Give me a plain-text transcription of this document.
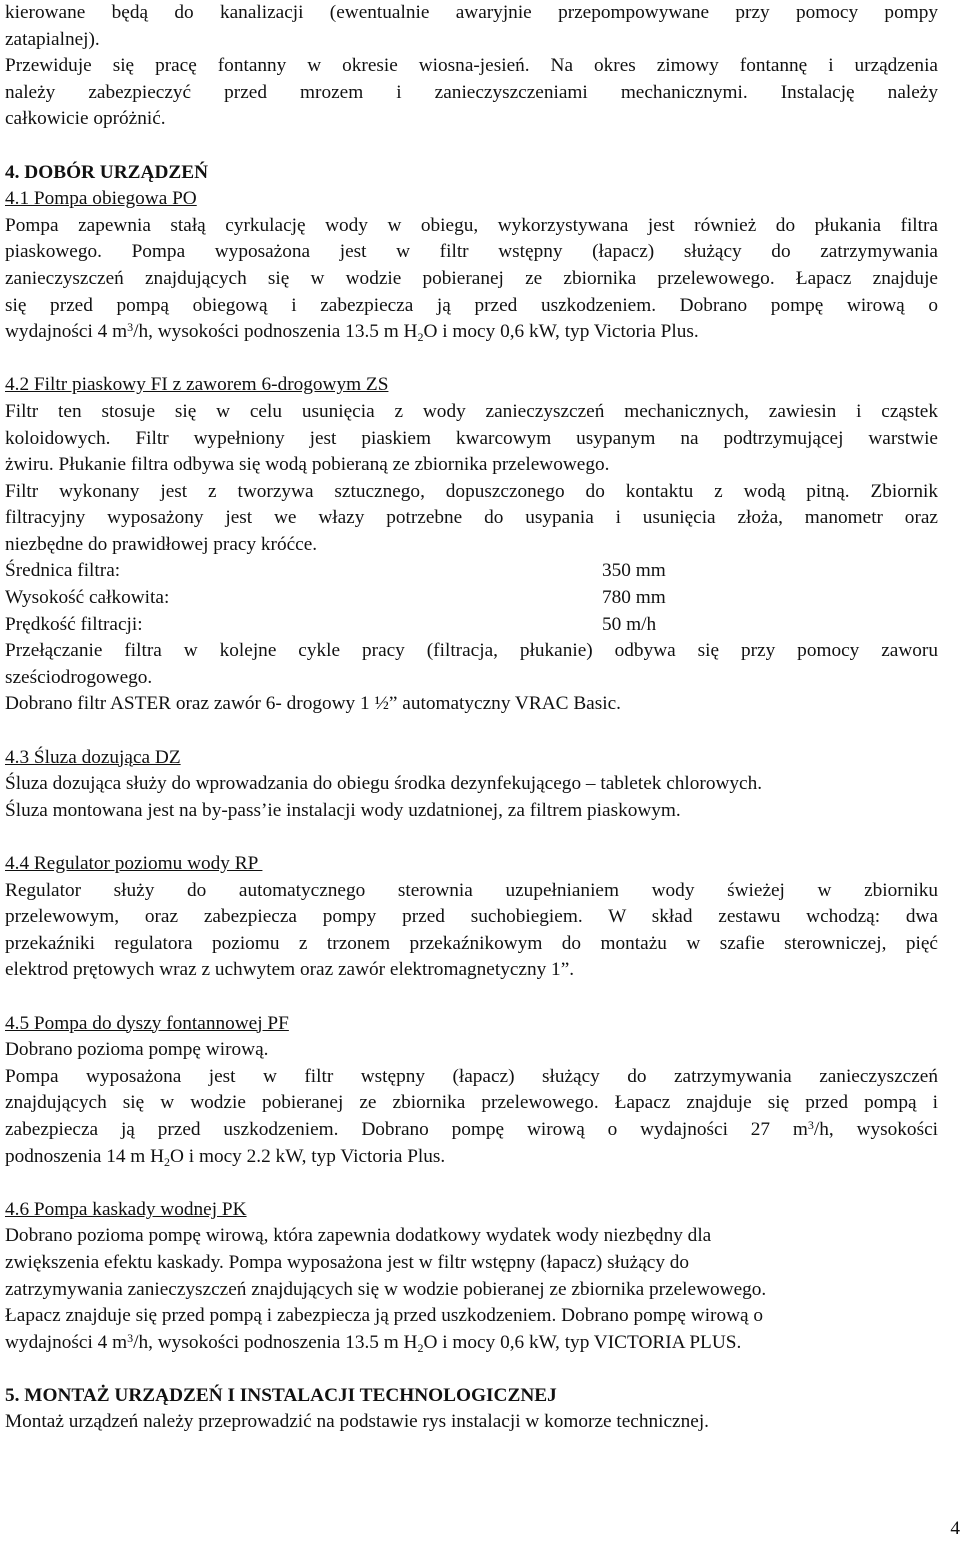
kierowane będą do kanalizacji (ewentualnie awaryjnie przepompowywane przy pomocy pompy

zatapialnej).

Przewiduje się pracę fontanny w okresie wiosna-jesień. Na okres zimowy fontannę i urządzenia

należy zabezpieczyć przed mrozem i zanieczyszczeniami mechanicznymi. Instalację należy

całkowicie opróżnić.

4. DOBÓR URZĄDZEŃ

4.1 Pompa obiegowa PO

Pompa zapewnia stałą cyrkulację wody w obiegu, wykorzystywana jest również do płukania filtra

piaskowego. Pompa wyposażona jest w filtr wstępny (łapacz) służący do zatrzymywania

zanieczyszczeń znajdujących się w wodzie pobieranej ze zbiornika przelewowego. Łapacz znajduje

się przed pompą obiegową i zabezpiecza ją przed uszkodzeniem. Dobrano pompę wirową o

wydajności 4 $m^3/h$, wysokości podnoszenia 13.5 m $H_2O$ i mocy 0,6 kW, typ Victoria Plus.

4.2 Filtr piaskowy FI z zaworem 6-drogowym ZS

Filtr ten stosuje się w celu usunięcia z wody zanieczyszczeń mechanicznych, zawiesin i cząstek

koloidowych. Filtr wypełniony jest piaskiem kwarcowym usypanym na podtrzymującej warstwie

żwiru. Płukanie filtra odbywa się wodą pobieraną ze zbiornika przelewowego.

Filtr wykonany jest z tworzywa sztucznego, dopuszczonego do kontaktu z wodą pitną. Zbiornik

filtracyjny wyposażony jest we włazy potrzebne do usypania i usunięcia złoża, manometr oraz

niezbędne do prawidłowej pracy króćce.

Średnica filtra:	350 mm
Wysokość całkowita:	780 mm
Prędkość filtracji:	50 m/h

Przełączanie filtra w kolejne cykle pracy (filtracja, płukanie) odbywa się przy pomocy zaworu

sześciodrogowego.

Dobrano filtr ASTER oraz zawór 6- drogowy 1 ½” automatyczny VRAC Basic.

4.3 Śluza dozująca DZ

Śluza dozująca służy do wprowadzania do obiegu środka dezynfekującego – tabletek chlorowych.

Śluza montowana jest na by-pass’ie instalacji wody uzdatnionej, za filtrem piaskowym.

4.4 Regulator poziomu wody RP

Regulator służy do automatycznego sterownia uzupełnianiem wody świeżej w zbiorniku

przelewowym, oraz zabezpiecza pompy przed suchobiegiem. W skład zestawu wchodzą: dwa

przekaźniki regulatora poziomu z trzonem przekaźnikowym do montażu w szafie sterowniczej, pięć

elektrod prętowych wraz z uchwytem oraz zawór elektromagnetyczny 1”.

4.5 Pompa do dyszy fontannowej PF

Dobrano pozioma pompę wirową.

Pompa wyposażona jest w filtr wstępny (łapacz) służący do zatrzymywania zanieczyszczeń

znajdujących się w wodzie pobieranej ze zbiornika przelewowego. Łapacz znajduje się przed pompą i

zabezpiecza ją przed uszkodzeniem. Dobrano pompę wirową o wydajności 27 $m^3/h$, wysokości

podnoszenia 14 m $H_2O$ i mocy 2.2 kW, typ Victoria Plus.

4.6 Pompa kaskady wodnej PK

Dobrano pozioma pompę wirową, która zapewnia dodatkowy wydatek wody niezbędny dla

zwiększenia efektu kaskady. Pompa wyposażona jest w filtr wstępny (łapacz) służący do

zatrzymywania zanieczyszczeń znajdujących się w wodzie pobieranej ze zbiornika przelewowego.

Łapacz znajduje się przed pompą i zabezpiecza ją przed uszkodzeniem. Dobrano pompę wirową o

wydajności 4 $m^3/h$, wysokości podnoszenia 13.5 m $H_2O$ i mocy 0,6 kW, typ VICTORIA PLUS.

5. MONTAŻ URZĄDZEŃ I INSTALACJI TECHNOLOGICZNEJ

Montaż urządzeń należy przeprowadzić na podstawie rys instalacji w komorze technicznej.

4
